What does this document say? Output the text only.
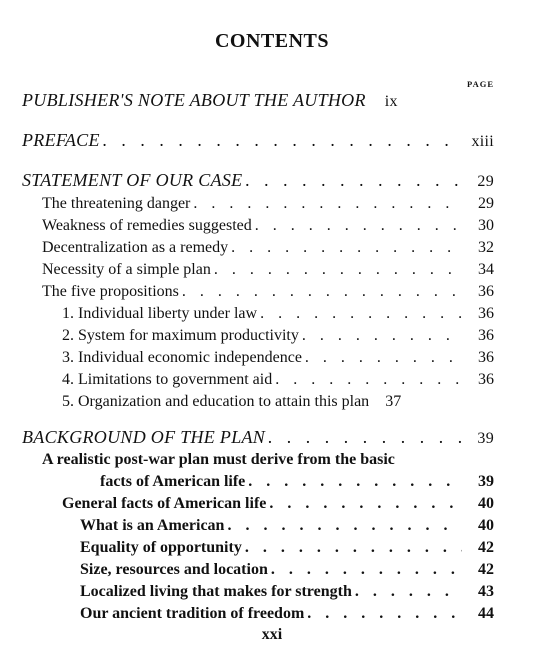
CONTENTS
PAGE
PUBLISHER'S NOTE ABOUT THE AUTHOR	ix
PREFACE . . .	xiii
STATEMENT OF OUR CASE . . .	29
The threatening danger . . .	29
Weakness of remedies suggested . . .	30
Decentralization as a remedy . . .	32
Necessity of a simple plan . . .	34
The five propositions . . .	36
1. Individual liberty under law . . .	36
2. System for maximum productivity . . .	36
3. Individual economic independence . . .	36
4. Limitations to government aid . . .	36
5. Organization and education to attain this plan	37
BACKGROUND OF THE PLAN . . .	39
A realistic post-war plan must derive from the basic
facts of American life . . .	39
General facts of American life . . .	40
What is an American . . .	40
Equality of opportunity . . .	42
Size, resources and location . . .	42
Localized living that makes for strength . . .	43
Our ancient tradition of freedom . . .	44
xxi
